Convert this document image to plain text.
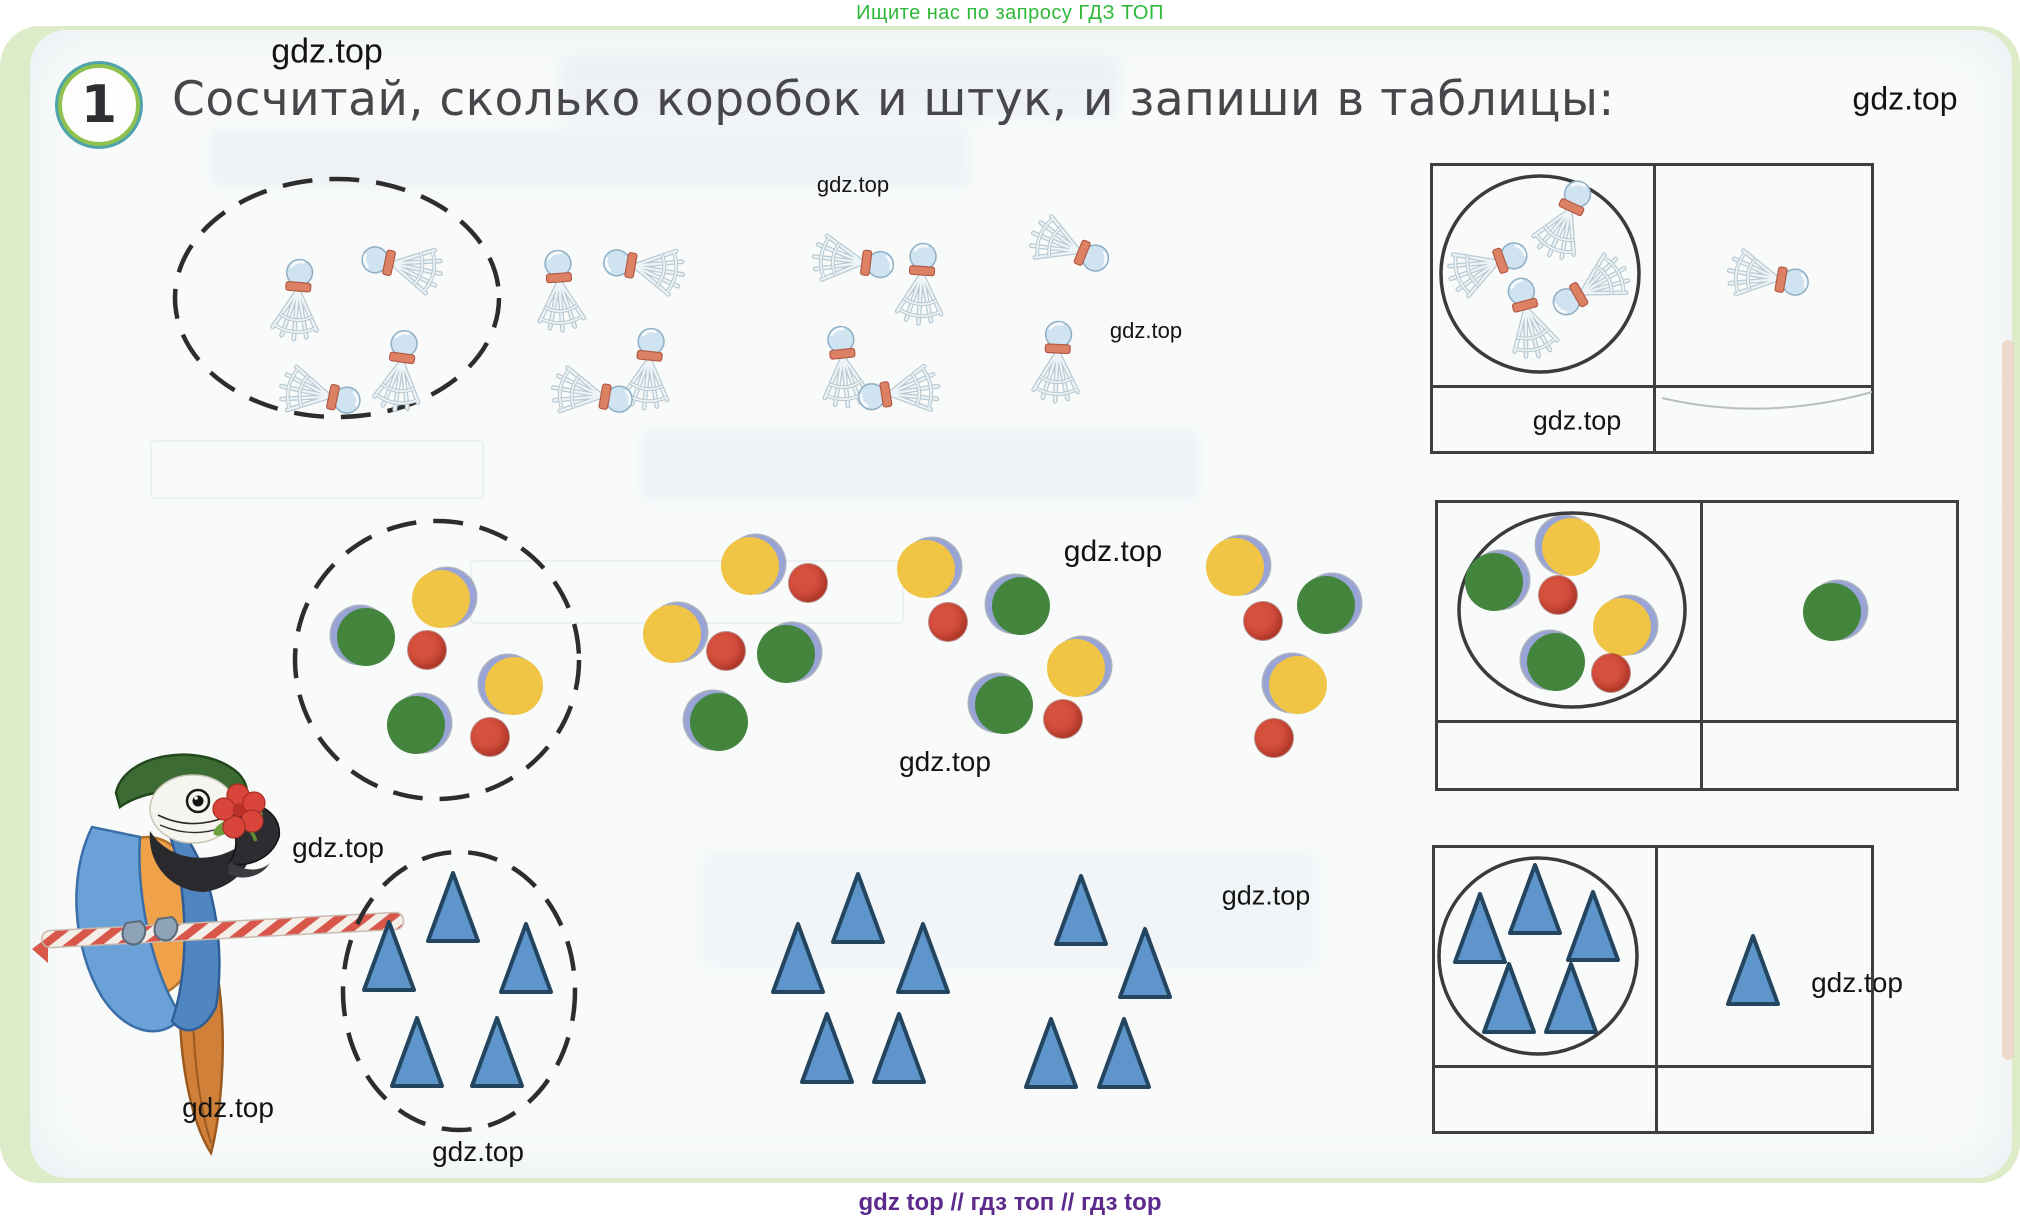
Ищите нас по запросу ГДЗ ТОП
gdz top // гдз топ // гдз top
1 Сосчитай, сколько коробок и штук, и запиши в таблицы:
gdz.top
gdz.top
gdz.top
gdz.top
gdz.top
gdz.top
gdz.top
gdz.top
gdz.top
gdz.top
gdz.top
gdz.top
